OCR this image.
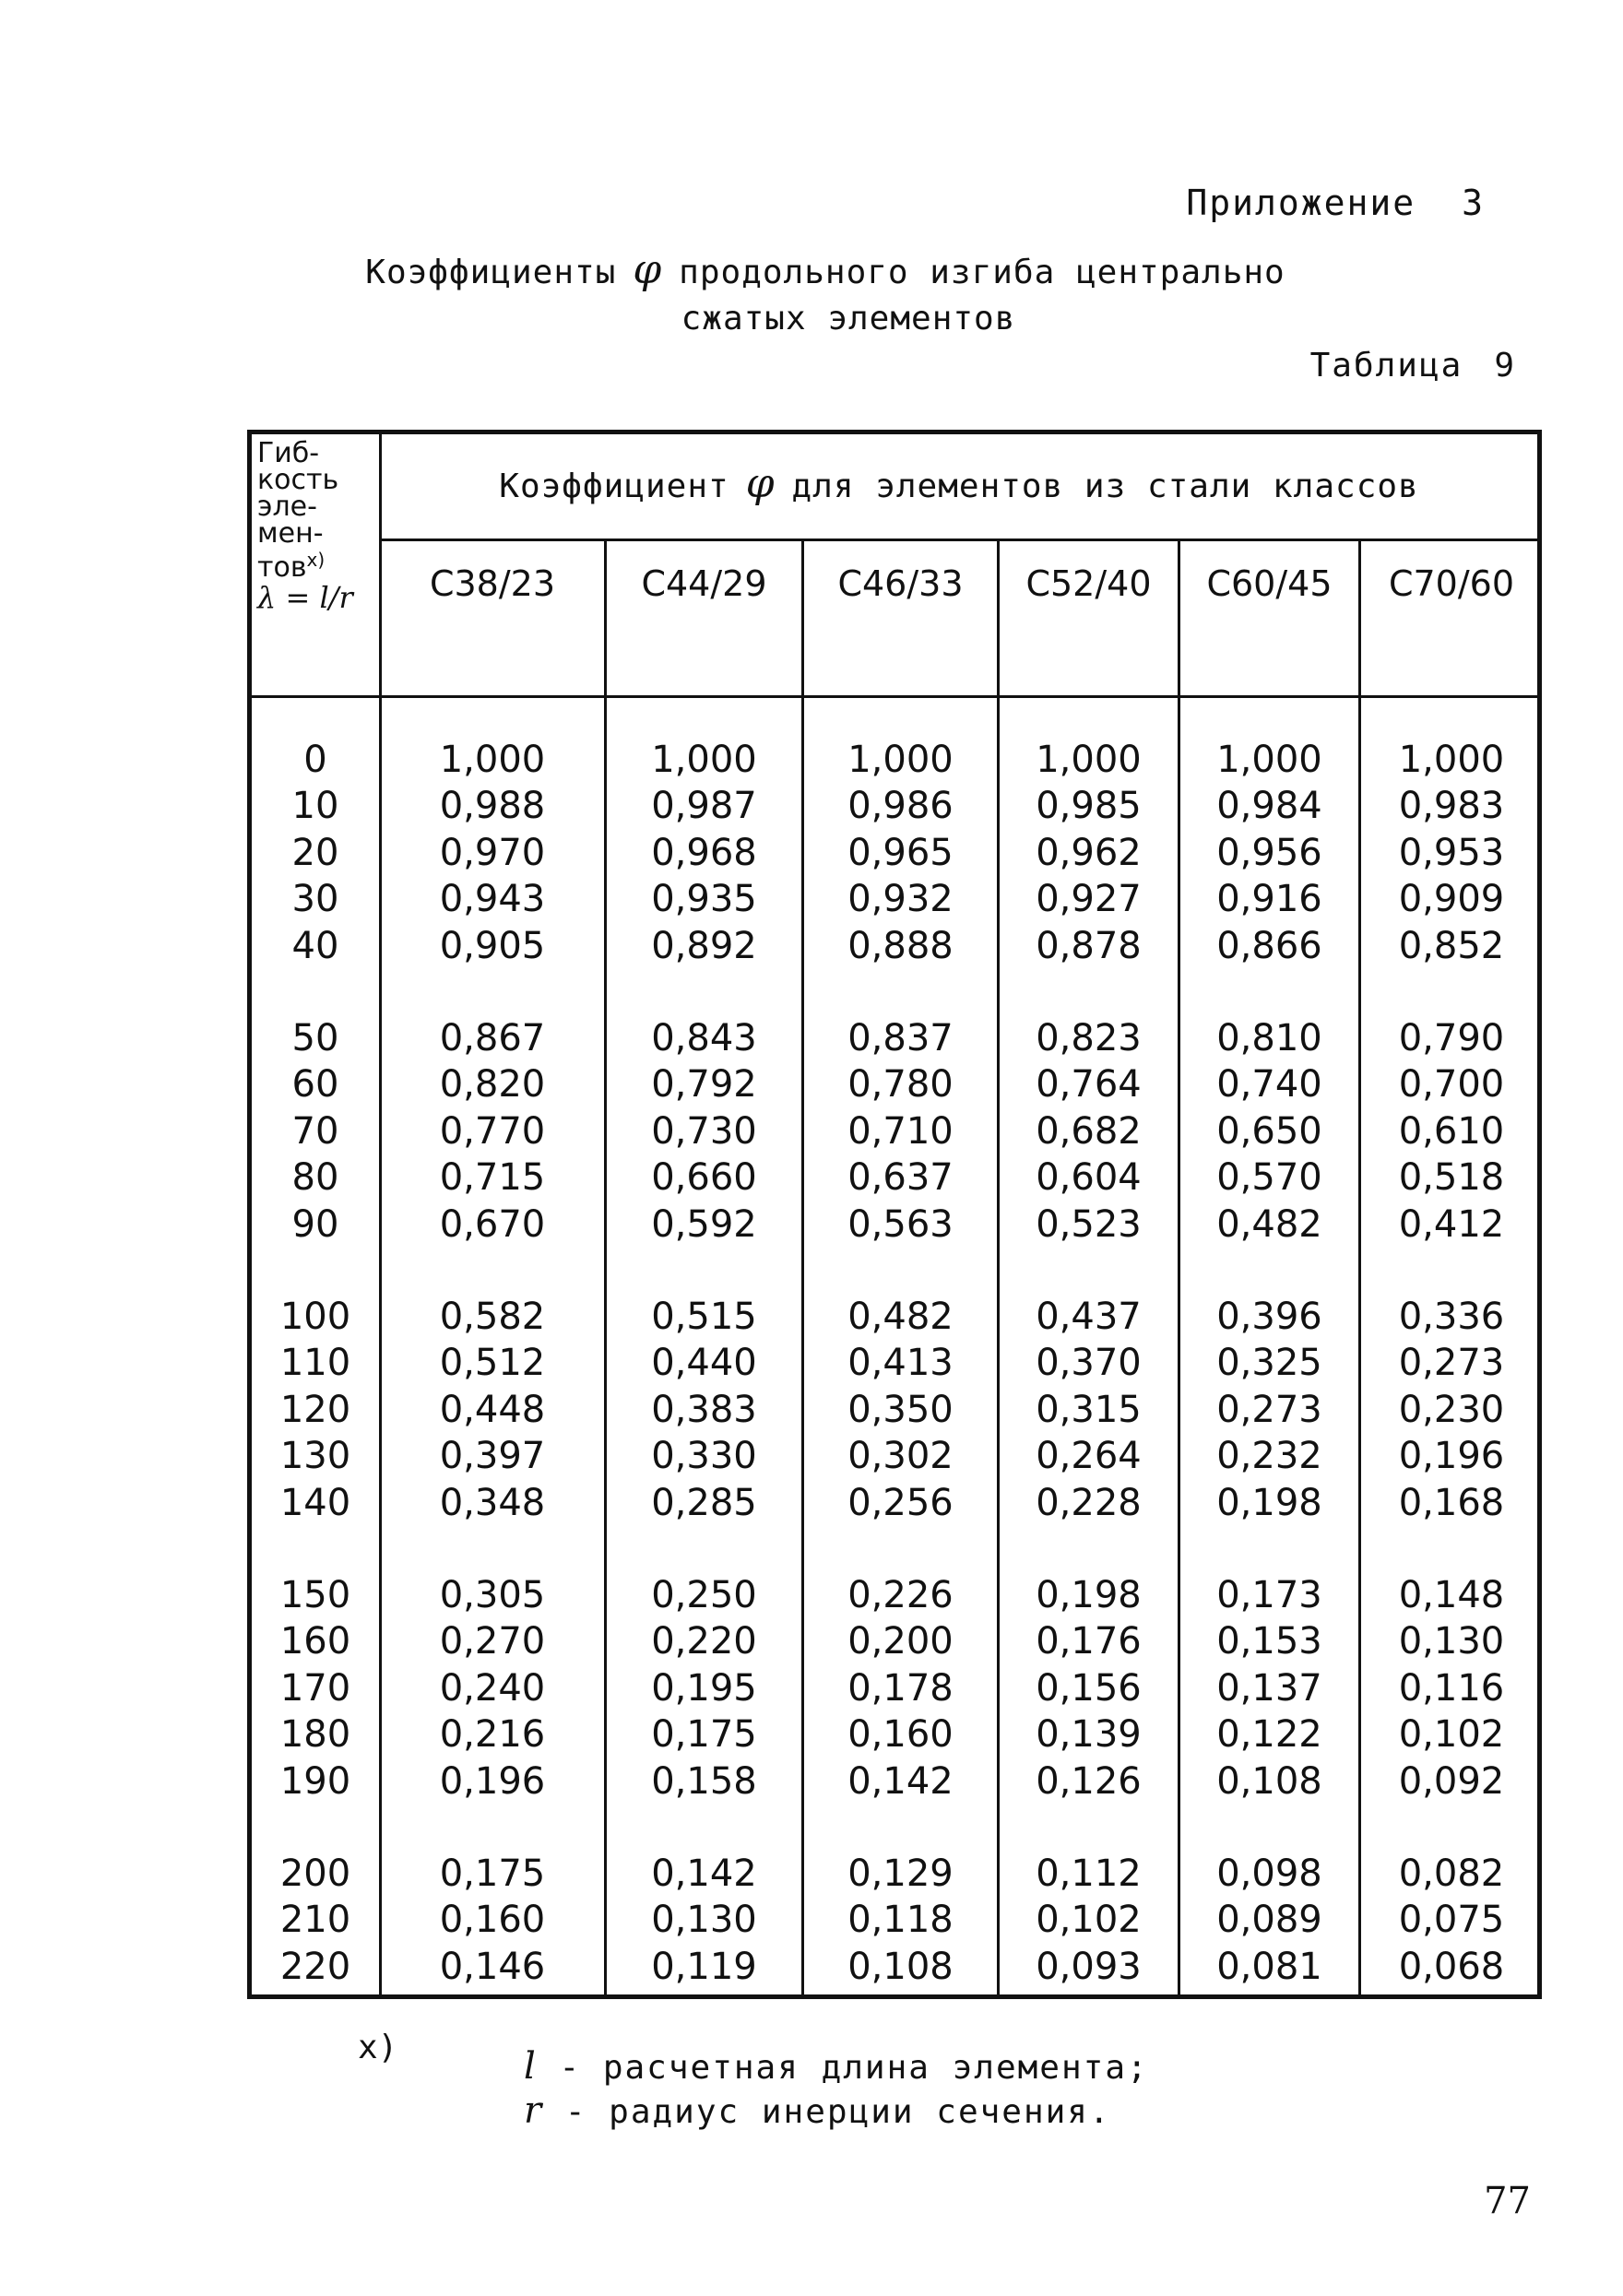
Приложение 3
Коэффициенты φ продольного изгиба центрально
сжатых элементов
Таблица 9
Гиб-
кость
эле-
мен-
тов$^{x)}$
λ = l/r
Коэффициент φ для элементов из стали классов
C38/23	C44/29	C46/33	C52/40	C60/45	C70/60
0	1,000	1,000	1,000	1,000	1,000	1,000
10	0,988	0,987	0,986	0,985	0,984	0,983
20	0,970	0,968	0,965	0,962	0,956	0,953
30	0,943	0,935	0,932	0,927	0,916	0,909
40	0,905	0,892	0,888	0,878	0,866	0,852
50	0,867	0,843	0,837	0,823	0,810	0,790
60	0,820	0,792	0,780	0,764	0,740	0,700
70	0,770	0,730	0,710	0,682	0,650	0,610
80	0,715	0,660	0,637	0,604	0,570	0,518
90	0,670	0,592	0,563	0,523	0,482	0,412
100	0,582	0,515	0,482	0,437	0,396	0,336
110	0,512	0,440	0,413	0,370	0,325	0,273
120	0,448	0,383	0,350	0,315	0,273	0,230
130	0,397	0,330	0,302	0,264	0,232	0,196
140	0,348	0,285	0,256	0,228	0,198	0,168
150	0,305	0,250	0,226	0,198	0,173	0,148
160	0,270	0,220	0,200	0,176	0,153	0,130
170	0,240	0,195	0,178	0,156	0,137	0,116
180	0,216	0,175	0,160	0,139	0,122	0,102
190	0,196	0,158	0,142	0,126	0,108	0,092
200	0,175	0,142	0,129	0,112	0,098	0,082
210	0,160	0,130	0,118	0,102	0,089	0,075
220	0,146	0,119	0,108	0,093	0,081	0,068
x)	l - расчетная длина элемента;
r - радиус инерции сечения.
77
